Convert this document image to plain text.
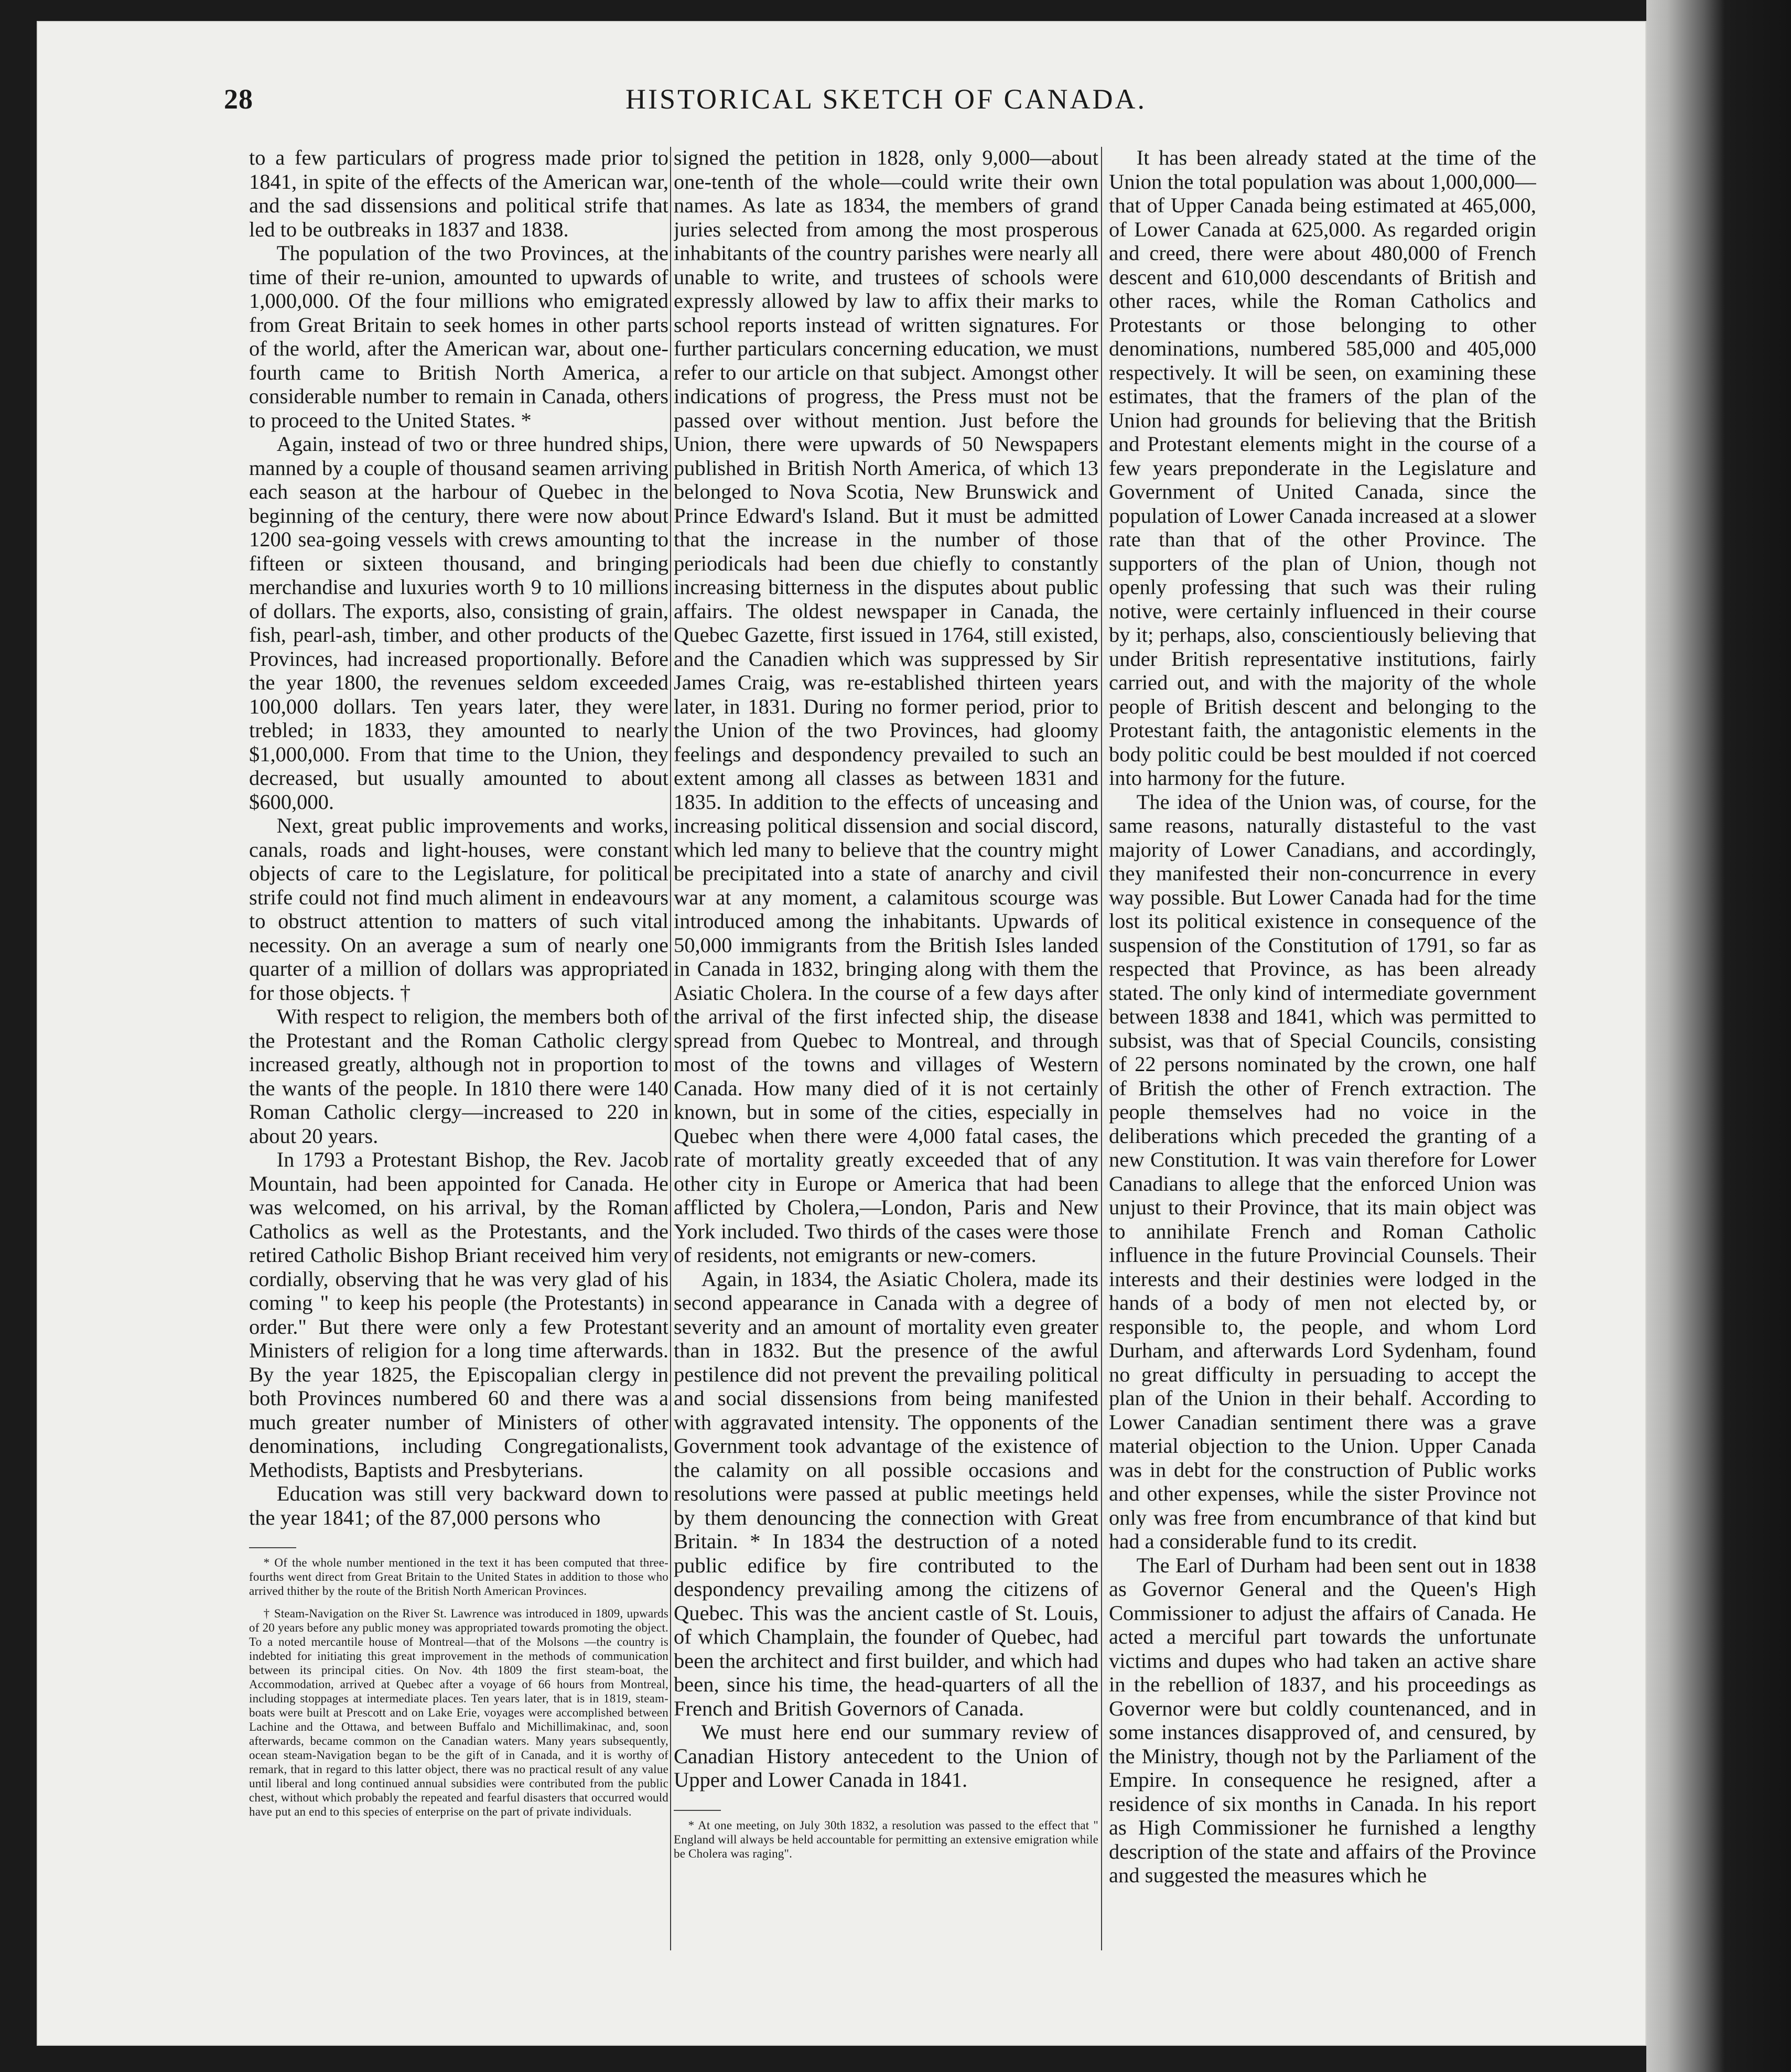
28	HISTORICAL SKETCH OF CANADA.

to a few particulars of progress made prior to 1841, in spite of the effects of the American war, and the sad dissensions and political strife that led to be outbreaks in 1837 and 1838.

The population of the two Provinces, at the time of their re-union, amounted to upwards of 1,000,000. Of the four millions who emigrated from Great Britain to seek homes in other parts of the world, after the American war, about one-fourth came to British North America, a considerable number to remain in Canada, others to proceed to the United States. *

Again, instead of two or three hundred ships, manned by a couple of thousand seamen arriving each season at the harbour of Quebec in the beginning of the century, there were now about 1200 sea-going vessels with crews amounting to fifteen or sixteen thousand, and bringing merchandise and luxuries worth 9 to 10 millions of dollars. The exports, also, consisting of grain, fish, pearl-ash, timber, and other products of the Provinces, had increased proportionally. Before the year 1800, the revenues seldom exceeded 100,000 dollars. Ten years later, they were trebled; in 1833, they amounted to nearly $1,000,000. From that time to the Union, they decreased, but usually amounted to about $600,000.

Next, great public improvements and works, canals, roads and light-houses, were constant objects of care to the Legislature, for political strife could not find much aliment in endeavours to obstruct attention to matters of such vital necessity. On an average a sum of nearly one quarter of a million of dollars was appropriated for those objects. †

With respect to religion, the members both of the Protestant and the Roman Catholic clergy increased greatly, although not in proportion to the wants of the people. In 1810 there were 140 Roman Catholic clergy—increased to 220 in about 20 years.

In 1793 a Protestant Bishop, the Rev. Jacob Mountain, had been appointed for Canada. He was welcomed, on his arrival, by the Roman Catholics as well as the Protestants, and the retired Catholic Bishop Briant received him very cordially, observing that he was very glad of his coming " to keep his people (the Protestants) in order." But there were only a few Protestant Ministers of religion for a long time afterwards. By the year 1825, the Episcopalian clergy in both Provinces numbered 60 and there was a much greater number of Ministers of other denominations, including Congregationalists, Methodists, Baptists and Presbyterians.

Education was still very backward down to the year 1841; of the 87,000 persons who

* Of the whole number mentioned in the text it has been computed that three-fourths went direct from Great Britain to the United States in addition to those who arrived thither by the route of the British North American Provinces.

† Steam-Navigation on the River St. Lawrence was introduced in 1809, upwards of 20 years before any public money was appropriated towards promoting the object. To a noted mercantile house of Montreal—that of the Molsons —the country is indebted for initiating this great improvement in the methods of communication between its principal cities. On Nov. 4th 1809 the first steam-boat, the Accommodation, arrived at Quebec after a voyage of 66 hours from Montreal, including stoppages at intermediate places. Ten years later, that is in 1819, steam-boats were built at Prescott and on Lake Erie, voyages were accomplished between Lachine and the Ottawa, and between Buffalo and Michillimakinac, and, soon afterwards, became common on the Canadian waters. Many years subsequently, ocean steam-Navigation began to be the gift of in Canada, and it is worthy of remark, that in regard to this latter object, there was no practical result of any value until liberal and long continued annual subsidies were contributed from the public chest, without which probably the repeated and fearful disasters that occurred would have put an end to this species of enterprise on the part of private individuals.

signed the petition in 1828, only 9,000—about one-tenth of the whole—could write their own names. As late as 1834, the members of grand juries selected from among the most prosperous inhabitants of the country parishes were nearly all unable to write, and trustees of schools were expressly allowed by law to affix their marks to school reports instead of written signatures. For further particulars concerning education, we must refer to our article on that subject. Amongst other indications of progress, the Press must not be passed over without mention. Just before the Union, there were upwards of 50 Newspapers published in British North America, of which 13 belonged to Nova Scotia, New Brunswick and Prince Edward's Island. But it must be admitted that the increase in the number of those periodicals had been due chiefly to constantly increasing bitterness in the disputes about public affairs. The oldest newspaper in Canada, the Quebec Gazette, first issued in 1764, still existed, and the Canadien which was suppressed by Sir James Craig, was re-established thirteen years later, in 1831. During no former period, prior to the Union of the two Provinces, had gloomy feelings and despondency prevailed to such an extent among all classes as between 1831 and 1835. In addition to the effects of unceasing and increasing political dissension and social discord, which led many to believe that the country might be precipitated into a state of anarchy and civil war at any moment, a calamitous scourge was introduced among the inhabitants. Upwards of 50,000 immigrants from the British Isles landed in Canada in 1832, bringing along with them the Asiatic Cholera. In the course of a few days after the arrival of the first infected ship, the disease spread from Quebec to Montreal, and through most of the towns and villages of Western Canada. How many died of it is not certainly known, but in some of the cities, especially in Quebec when there were 4,000 fatal cases, the rate of mortality greatly exceeded that of any other city in Europe or America that had been afflicted by Cholera,—London, Paris and New York included. Two thirds of the cases were those of residents, not emigrants or new-comers.

Again, in 1834, the Asiatic Cholera, made its second appearance in Canada with a degree of severity and an amount of mortality even greater than in 1832. But the presence of the awful pestilence did not prevent the prevailing political and social dissensions from being manifested with aggravated intensity. The opponents of the Government took advantage of the existence of the calamity on all possible occasions and resolutions were passed at public meetings held by them denouncing the connection with Great Britain. * In 1834 the destruction of a noted public edifice by fire contributed to the despondency prevailing among the citizens of Quebec. This was the ancient castle of St. Louis, of which Champlain, the founder of Quebec, had been the architect and first builder, and which had been, since his time, the head-quarters of all the French and British Governors of Canada.

We must here end our summary review of Canadian History antecedent to the Union of Upper and Lower Canada in 1841.

* At one meeting, on July 30th 1832, a resolution was passed to the effect that " England will always be held accountable for permitting an extensive emigration while be Cholera was raging".

It has been already stated at the time of the Union the total population was about 1,000,000—that of Upper Canada being estimated at 465,000, of Lower Canada at 625,000. As regarded origin and creed, there were about 480,000 of French descent and 610,000 descendants of British and other races, while the Roman Catholics and Protestants or those belonging to other denominations, numbered 585,000 and 405,000 respectively. It will be seen, on examining these estimates, that the framers of the plan of the Union had grounds for believing that the British and Protestant elements might in the course of a few years preponderate in the Legislature and Government of United Canada, since the population of Lower Canada increased at a slower rate than that of the other Province. The supporters of the plan of Union, though not openly professing that such was their ruling notive, were certainly influenced in their course by it; perhaps, also, conscientiously believing that under British representative institutions, fairly carried out, and with the majority of the whole people of British descent and belonging to the Protestant faith, the antagonistic elements in the body politic could be best moulded if not coerced into harmony for the future.

The idea of the Union was, of course, for the same reasons, naturally distasteful to the vast majority of Lower Canadians, and accordingly, they manifested their non-concurrence in every way possible. But Lower Canada had for the time lost its political existence in consequence of the suspension of the Constitution of 1791, so far as respected that Province, as has been already stated. The only kind of intermediate government between 1838 and 1841, which was permitted to subsist, was that of Special Councils, consisting of 22 persons nominated by the crown, one half of British the other of French extraction. The people themselves had no voice in the deliberations which preceded the granting of a new Constitution. It was vain therefore for Lower Canadians to allege that the enforced Union was unjust to their Province, that its main object was to annihilate French and Roman Catholic influence in the future Provincial Counsels. Their interests and their destinies were lodged in the hands of a body of men not elected by, or responsible to, the people, and whom Lord Durham, and afterwards Lord Sydenham, found no great difficulty in persuading to accept the plan of the Union in their behalf. According to Lower Canadian sentiment there was a grave material objection to the Union. Upper Canada was in debt for the construction of Public works and other expenses, while the sister Province not only was free from encumbrance of that kind but had a considerable fund to its credit.

The Earl of Durham had been sent out in 1838 as Governor General and the Queen's High Commissioner to adjust the affairs of Canada. He acted a merciful part towards the unfortunate victims and dupes who had taken an active share in the rebellion of 1837, and his proceedings as Governor were but coldly countenanced, and in some instances disapproved of, and censured, by the Ministry, though not by the Parliament of the Empire. In consequence he resigned, after a residence of six months in Canada. In his report as High Commissioner he furnished a lengthy description of the state and affairs of the Province and suggested the measures which he
